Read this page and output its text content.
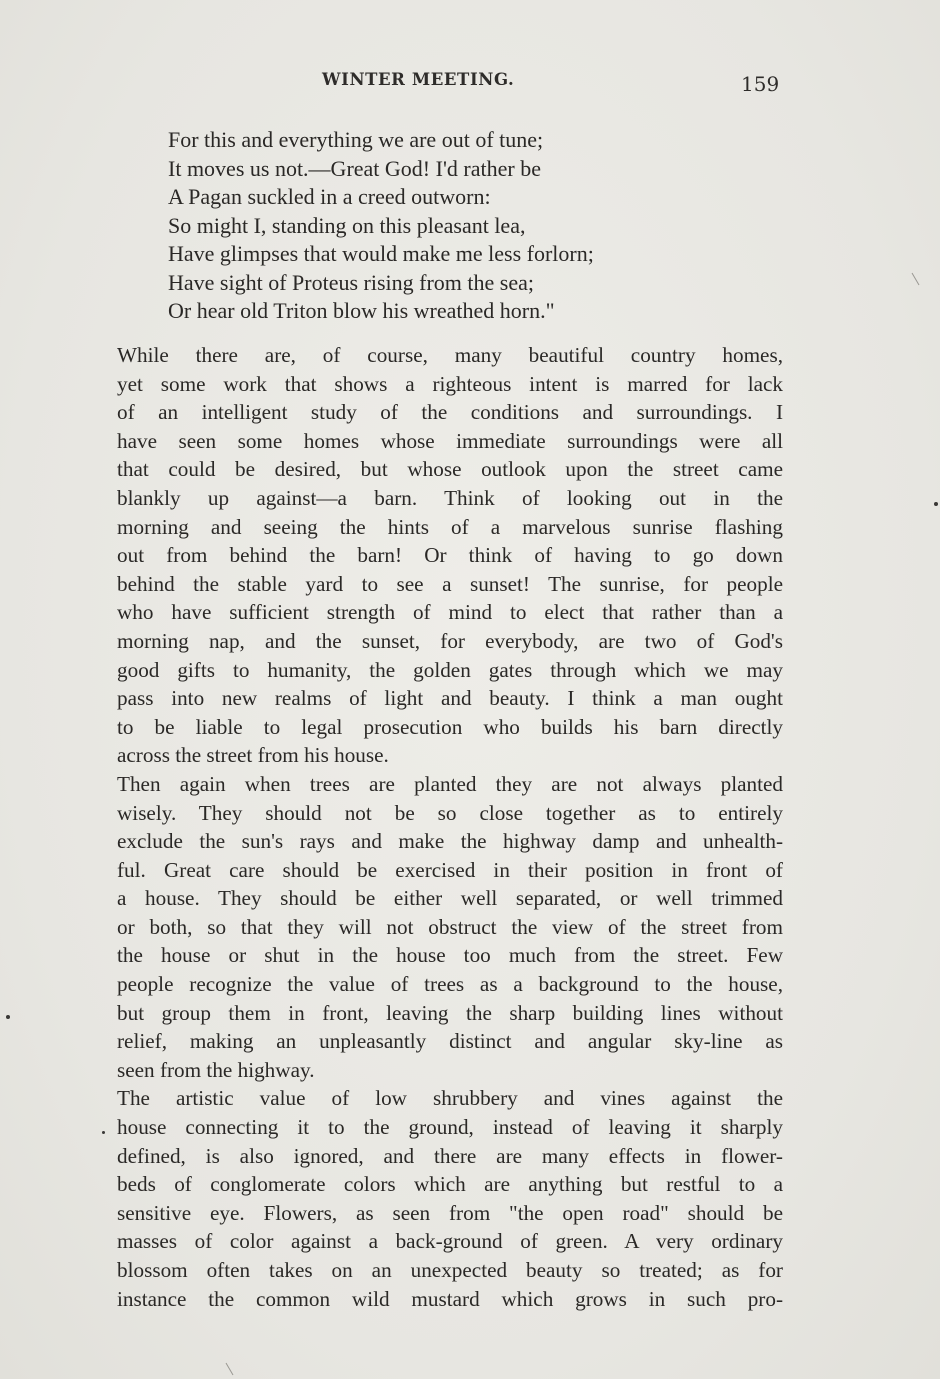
WINTER MEETING.	159
For this and everything we are out of tune;
It moves us not.—Great God! I'd rather be
A Pagan suckled in a creed outworn:
So might I, standing on this pleasant lea,
Have glimpses that would make me less forlorn;
Have sight of Proteus rising from the sea;
Or hear old Triton blow his wreathed horn."
While there are, of course, many beautiful country homes,
yet some work that shows a righteous intent is marred for lack
of an intelligent study of the conditions and surroundings. I
have seen some homes whose immediate surroundings were all
that could be desired, but whose outlook upon the street came
blankly up against—a barn. Think of looking out in the
morning and seeing the hints of a marvelous sunrise flashing
out from behind the barn! Or think of having to go down
behind the stable yard to see a sunset! The sunrise, for people
who have sufficient strength of mind to elect that rather than a
morning nap, and the sunset, for everybody, are two of God's
good gifts to humanity, the golden gates through which we may
pass into new realms of light and beauty. I think a man ought
to be liable to legal prosecution who builds his barn directly
across the street from his house.
Then again when trees are planted they are not always planted
wisely. They should not be so close together as to entirely
exclude the sun's rays and make the highway damp and unhealth-
ful. Great care should be exercised in their position in front of
a house. They should be either well separated, or well trimmed
or both, so that they will not obstruct the view of the street from
the house or shut in the house too much from the street. Few
people recognize the value of trees as a background to the house,
but group them in front, leaving the sharp building lines without
relief, making an unpleasantly distinct and angular sky-line as
seen from the highway.
The artistic value of low shrubbery and vines against the
house connecting it to the ground, instead of leaving it sharply
defined, is also ignored, and there are many effects in flower-
beds of conglomerate colors which are anything but restful to a
sensitive eye. Flowers, as seen from "the open road" should be
masses of color against a back-ground of green. A very ordinary
blossom often takes on an unexpected beauty so treated; as for
instance the common wild mustard which grows in such pro-
